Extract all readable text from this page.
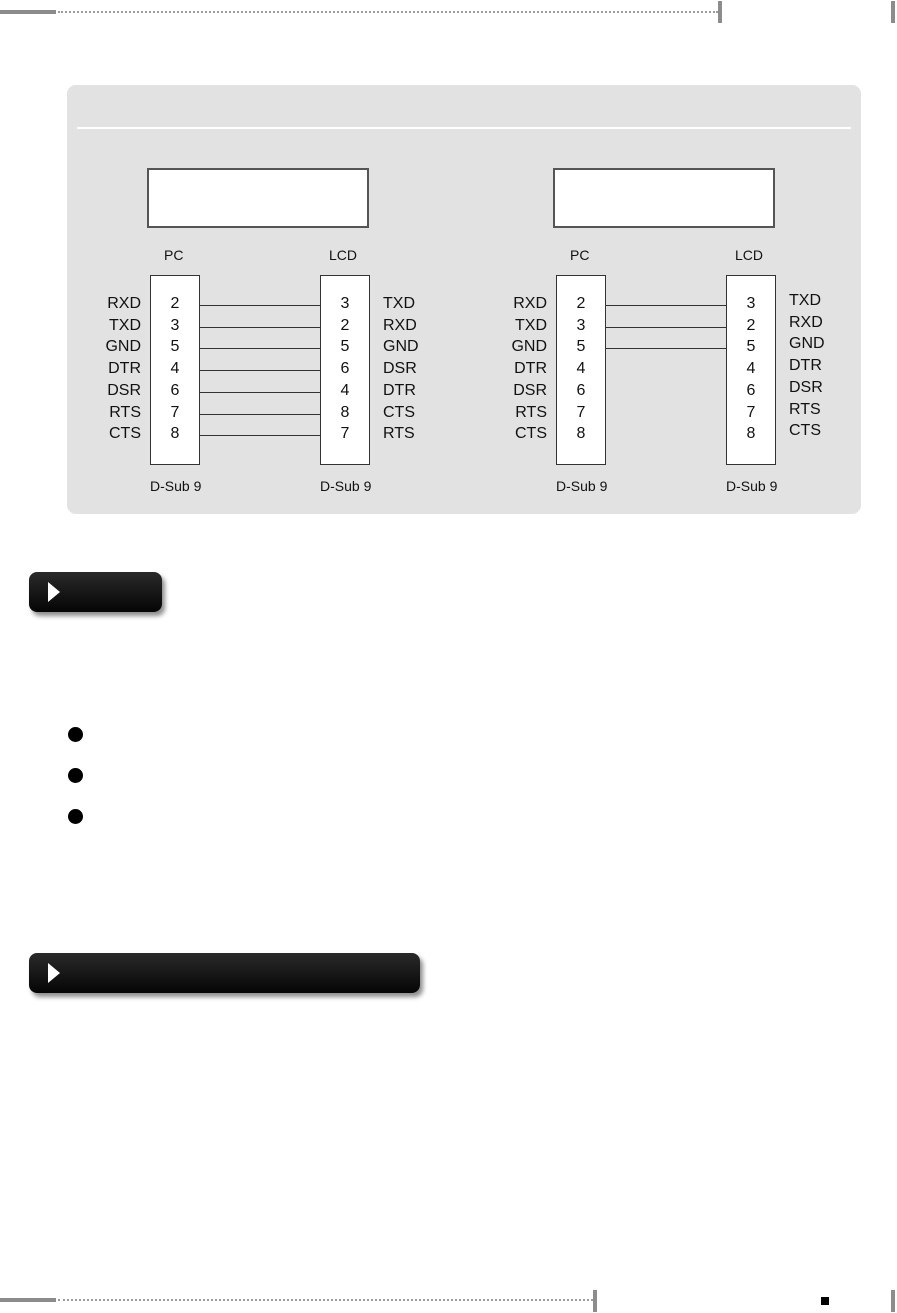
PC	LCD
D-Sub 9	D-Sub 9
RXD	2
TXD	3
GND	5
DTR	4
DSR	6
RTS	7
CTS	8
3	TXD
2	RXD
5	GND
6	DSR
4	DTR
8	CTS
7	RTS
PC	LCD
D-Sub 9	D-Sub 9
RXD	2
TXD	3
GND	5
DTR	4
DSR	6
RTS	7
CTS	8
3	TXD
2	RXD
5	GND
4	DTR
6	DSR
7	RTS
8	CTS
